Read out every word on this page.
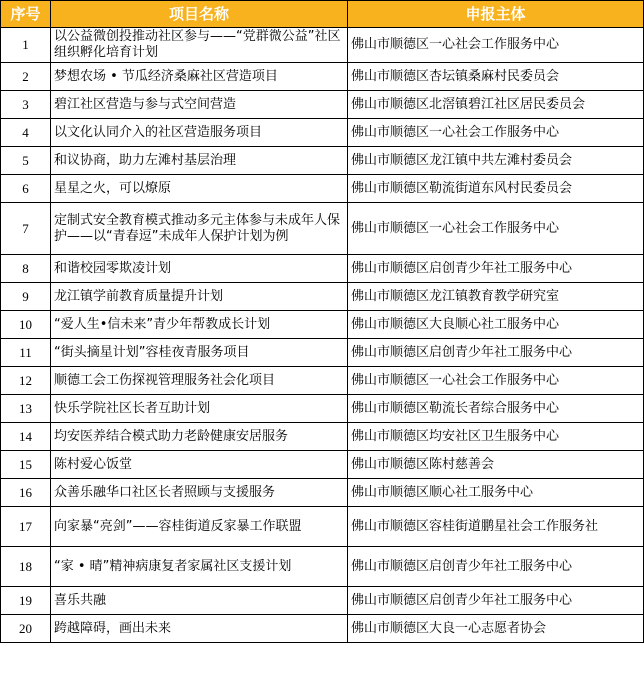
序号	项目名称	申报主体
1	以公益微创投推动社区参与——“党群微公益”社区组织孵化培育计划	佛山市顺德区一心社会工作服务中心
2	梦想农场 • 节瓜经济桑麻社区营造项目	佛山市顺德区杏坛镇桑麻村民委员会
3	碧江社区营造与参与式空间营造	佛山市顺德区北滘镇碧江社区居民委员会
4	以文化认同介入的社区营造服务项目	佛山市顺德区一心社会工作服务中心
5	和议协商，助力左滩村基层治理	佛山市顺德区龙江镇中共左滩村委员会
6	星星之火，可以燎原	佛山市顺德区勒流街道东风村民委员会
7	定制式安全教育模式推动多元主体参与未成年人保护——以“青春逗”未成年人保护计划为例	佛山市顺德区一心社会工作服务中心
8	和谐校园零欺凌计划	佛山市顺德区启创青少年社工服务中心
9	龙江镇学前教育质量提升计划	佛山市顺德区龙江镇教育教学研究室
10	“爱人生•信未来”青少年帮教成长计划	佛山市顺德区大良顺心社工服务中心
11	“街头摘星计划”容桂夜青服务项目	佛山市顺德区启创青少年社工服务中心
12	顺德工会工伤探视管理服务社会化项目	佛山市顺德区一心社会工作服务中心
13	快乐学院社区长者互助计划	佛山市顺德区勒流长者综合服务中心
14	均安医养结合模式助力老龄健康安居服务	佛山市顺德区均安社区卫生服务中心
15	陈村爱心饭堂	佛山市顺德区陈村慈善会
16	众善乐融华口社区长者照顾与支援服务	佛山市顺德区顺心社工服务中心
17	向家暴“亮剑”——容桂街道反家暴工作联盟	佛山市顺德区容桂街道鹏星社会工作服务社
18	“家 • 晴”精神病康复者家属社区支援计划	佛山市顺德区启创青少年社工服务中心
19	喜乐共融	佛山市顺德区启创青少年社工服务中心
20	跨越障碍，画出未来	佛山市顺德区大良一心志愿者协会
